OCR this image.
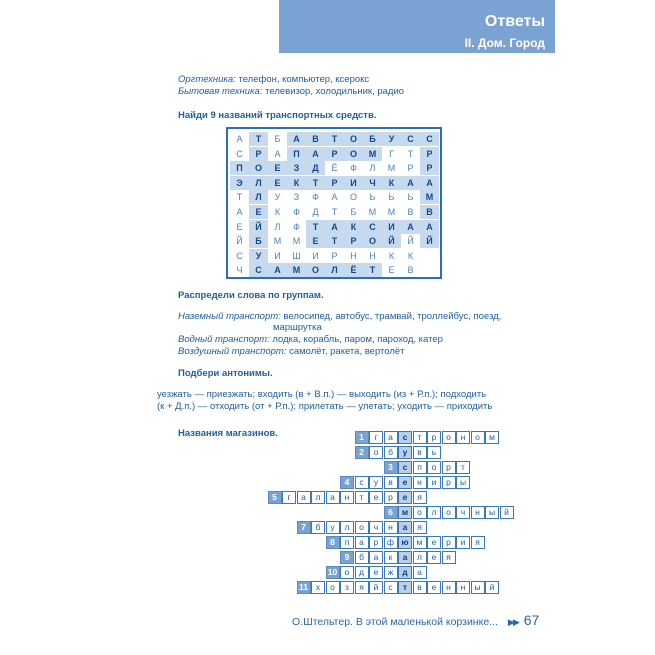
Ответы
II. Дом. Город
Оргтехника: телефон, компьютер, ксерокс
Бытовая техника: телевизор, холодильник, радио
Найди 9 названий транспортных средств.
А	Т	Б	А	В	Т	О	Б	У	С	С
С	Р	А	П	А	Р	О	М	Г	Т	Р
П	О	Е	З	Д	Ё	Ф	Л	М	Р	Р
Э	Л	Е	К	Т	Р	И	Ч	К	А	А
Т	Л	У	З	Ф	А	О	Ь	Ь	Ь	М
А	Е	К	Ф	Д	Т	Б	М	М	В	В
Е	Й	Л	Ф	Т	А	К	С	И	А	А
Й	Б	М	М	Е	Т	Р	О	Й	Й	Й
С	У	И	Ш	И	Р	Н	Н	К	К
Ч	С	А	М	О	Л	Ё	Т	Е	В
Распредели слова по группам.
Наземный транспорт: велосипед, автобус, трамвай, троллейбус, поезд,
маршрутка
Водный транспорт: лодка, корабль, паром, пароход, катер
Воздушный транспорт: самолёт, ракета, вертолёт
Подбери антонимы.
уезжать — приезжать; входить (в + В.п.) — выходить (из + Р.п.); подходить
(к + Д.п.) — отходить (от + Р.п.); прилетать — улетать; уходить — приходить
Названия магазинов.	1	г	а	с	т	р	о	н	о	м
2	о	б	у	в	ь
3	с	п	о	р	т
4	с	у	в	е	н	и	р	ы
5	г	а	л	а	н	т	е	р	е	я
6	м	о	л	о	ч	н	ы	й
7	б	у	л	о	ч	н	а	я
8	п	а	р	ф ю м	е	р	и	я
9	б	а	к	а	л	е	я
10 о	д	е	ж	д	а
11 х	о	з	я	й	с	т	в	е	н	н	ы	й
О.Штельтер. В этой маленькой корзинке... ▶▶ 67
